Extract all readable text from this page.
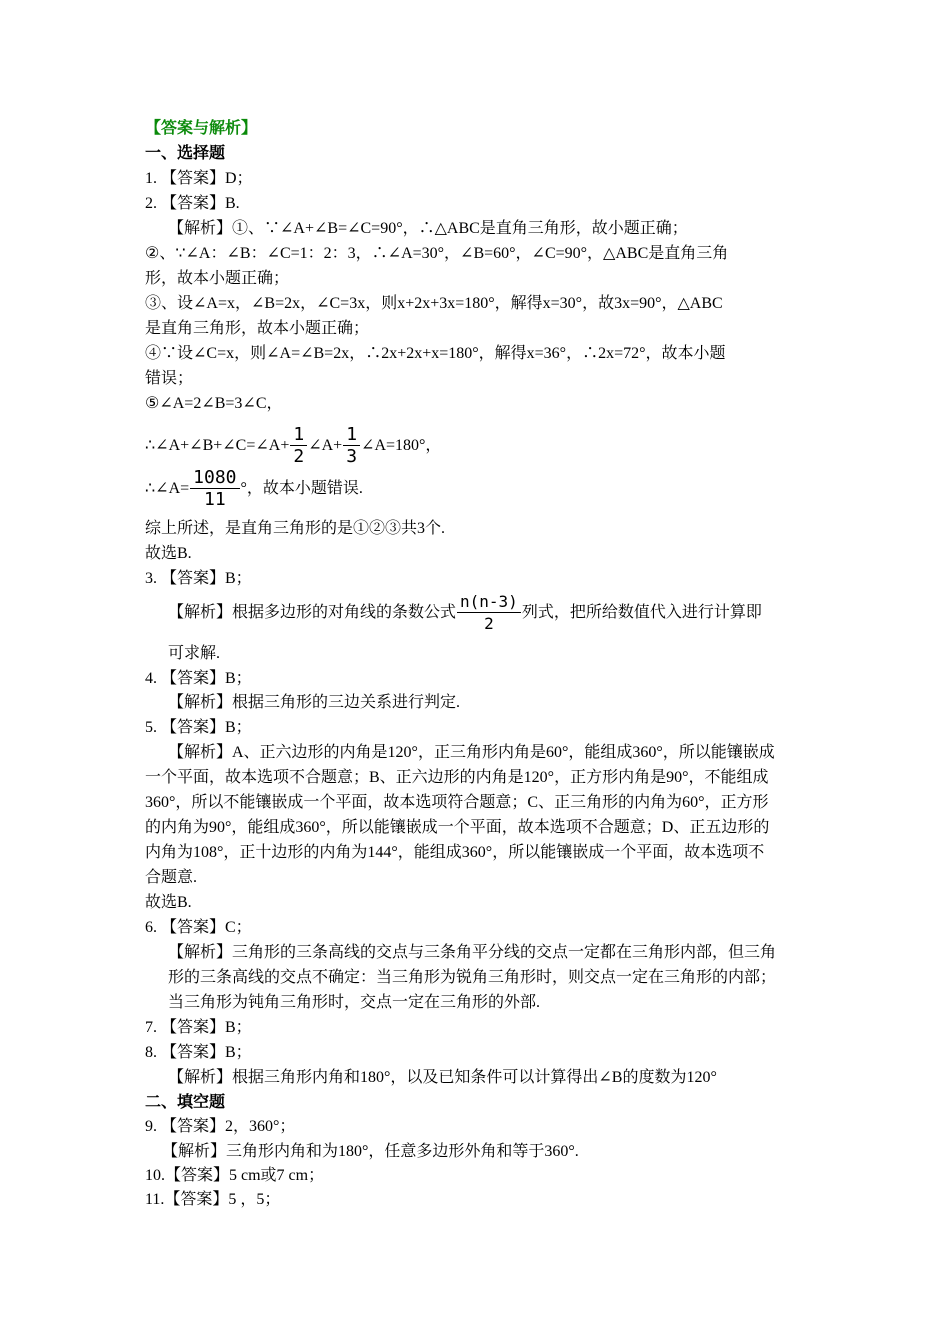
【答案与解析】
一、选择题
1. 【答案】D；
2. 【答案】B.
【解析】①、∵∠A+∠B=∠C=90°，∴△ABC是直角三角形，故小题正确；
②、∵∠A：∠B：∠C=1：2：3，∴∠A=30°，∠B=60°，∠C=90°，△ABC是直角三角
形，故本小题正确；
③、设∠A=x，∠B=2x，∠C=3x，则x+2x+3x=180°，解得x=30°，故3x=90°，△ABC
是直角三角形，故本小题正确；
④∵设∠C=x，则∠A=∠B=2x，∴2x+2x+x=180°，解得x=36°，∴2x=72°，故本小题
错误；
⑤∠A=2∠B=3∠C，
∴∠A+∠B+∠C=∠A+ $\frac{1}{2}$ ∠A+ $\frac{1}{3}$ ∠A=180°，
∴∠A= $\frac{1080}{11}$ °，故本小题错误.
综上所述，是直角三角形的是①②③共3个.
故选B.
3. 【答案】B；
【解析】根据多边形的对角线的条数公式 $\frac{n(n-3)}{2}$ 列式，把所给数值代入进行计算即
可求解.
4. 【答案】B；
【解析】根据三角形的三边关系进行判定.
5. 【答案】B；
【解析】A、正六边形的内角是120°，正三角形内角是60°，能组成360°，所以能镶嵌成
一个平面，故本选项不合题意；B、正六边形的内角是120°，正方形内角是90°，不能组成
360°，所以不能镶嵌成一个平面，故本选项符合题意；C、正三角形的内角为60°，正方形
的内角为90°，能组成360°，所以能镶嵌成一个平面，故本选项不合题意；D、正五边形的
内角为108°，正十边形的内角为144°，能组成360°，所以能镶嵌成一个平面，故本选项不
合题意.
故选B.
6. 【答案】C；
【解析】三角形的三条高线的交点与三条角平分线的交点一定都在三角形内部，但三角
形的三条高线的交点不确定：当三角形为锐角三角形时，则交点一定在三角形的内部；
当三角形为钝角三角形时，交点一定在三角形的外部.
7. 【答案】B；
8. 【答案】B；
【解析】根据三角形内角和180°，以及已知条件可以计算得出∠B的度数为120°
二、填空题
9. 【答案】2，360°；
【解析】三角形内角和为180°，任意多边形外角和等于360°.
10.【答案】5 cm或7 cm；
11.【答案】5 ，5；
